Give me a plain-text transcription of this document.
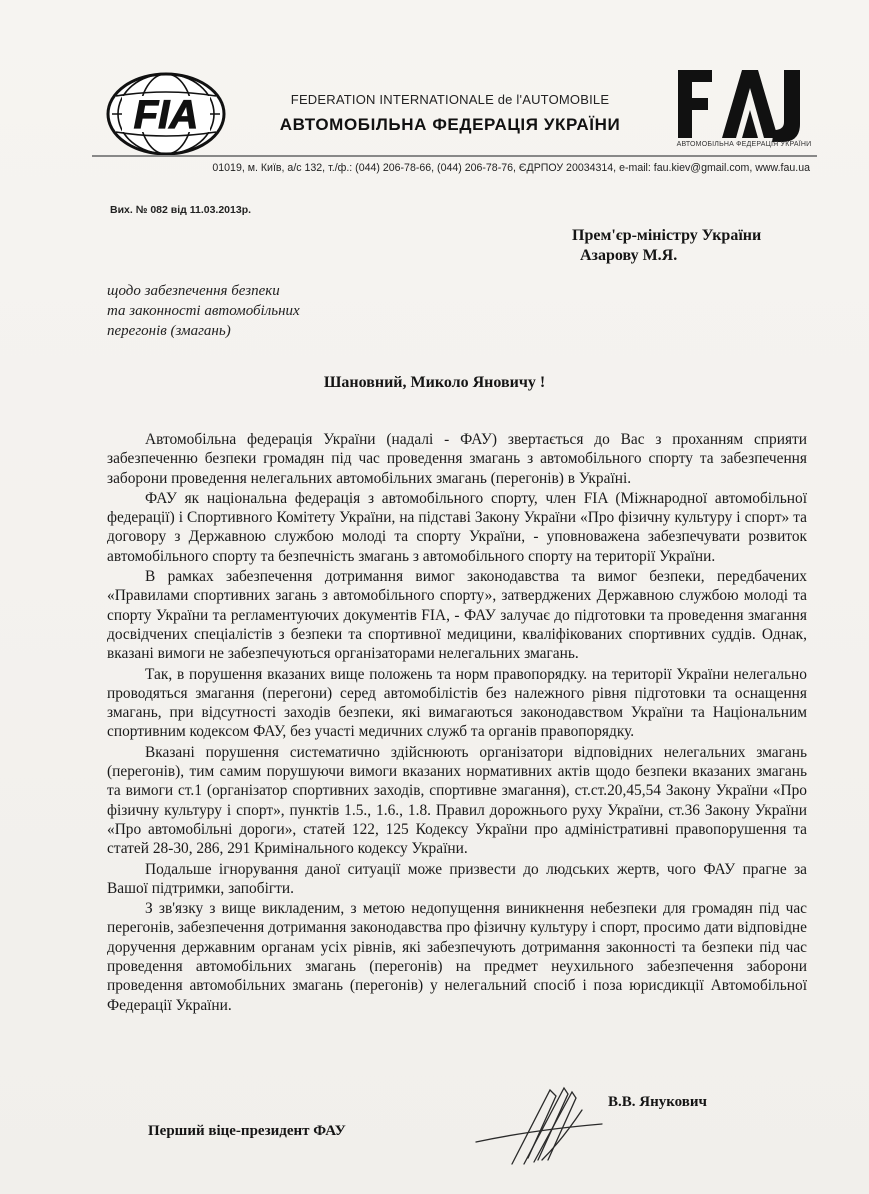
FIA
АВТОМОБІЛЬНА ФЕДЕРАЦІЯ УКРАЇНИ
FEDERATION INTERNATIONALE de l'AUTOMOBILE
АВТОМОБІЛЬНА ФЕДЕРАЦІЯ УКРАЇНИ
01019, м. Київ, а/с 132, т./ф.: (044) 206-78-66, (044) 206-78-76, ЄДРПОУ 20034314, e-mail: fau.kiev@gmail.com, www.fau.ua
Вих. № 082 від 11.03.2013р.
Прем'єр-міністру України
Азарову М.Я.
щодо забезпечення безпеки
та законності автомобільних
перегонів (змагань)
Шановний, Миколо Яновичу !

Автомобільна федерація України (надалі - ФАУ) звертається до Вас з проханням сприяти забезпеченню безпеки громадян під час проведення змагань з автомобільного спорту та забезпечення заборони проведення нелегальних автомобільних змагань (перегонів) в Україні.

ФАУ як національна федерація з автомобільного спорту, член FIA (Міжнародної автомобільної федерації) і Спортивного Комітету України, на підставі Закону України «Про фізичну культуру і спорт» та договору з Державною службою молоді та спорту України, - уповноважена забезпечувати розвиток автомобільного спорту та безпечність змагань з автомобільного спорту на території України.

В рамках забезпечення дотримання вимог законодавства та вимог безпеки, передбачених «Правилами спортивних загань з автомобільного спорту», затверджених Державною службою молоді та спорту України та регламентуючих документів FIA, - ФАУ залучає до підготовки та проведення змагання досвідчених спеціалістів з безпеки та спортивної медицини, кваліфікованих спортивних суддів. Однак, вказані вимоги не забезпечуються організаторами нелегальних змагань.

Так, в порушення вказаних вище положень та норм правопорядку. на території України нелегально проводяться змагання (перегони) серед автомобілістів без належного рівня підготовки та оснащення змагань, при відсутності заходів безпеки, які вимагаються законодавством України та Національним спортивним кодексом ФАУ, без участі медичних служб та органів правопорядку.

Вказані порушення систематично здійснюють організатори відповідних нелегальних змагань (перегонів), тим самим порушуючи вимоги вказаних нормативних актів щодо безпеки вказаних змагань та вимоги ст.1 (організатор спортивних заходів, спортивне змагання), ст.ст.20,45,54 Закону України «Про фізичну культуру і спорт», пунктів 1.5., 1.6., 1.8. Правил дорожнього руху України, ст.36 Закону України «Про автомобільні дороги», статей 122, 125 Кодексу України про адміністративні правопорушення та статей 28-30, 286, 291 Кримінального кодексу України.

Подальше ігнорування даної ситуації може призвести до людських жертв, чого ФАУ прагне за Вашої підтримки, запобігти.

З зв'язку з вище викладеним, з метою недопущення виникнення небезпеки для громадян під час перегонів, забезпечення дотримання законодавства про фізичну культуру і спорт, просимо дати відповідне доручення державним органам усіх рівнів, які забезпечують дотримання законності та безпеки під час проведення автомобільних змагань (перегонів) на предмет неухильного забезпечення заборони проведення автомобільних змагань (перегонів) у нелегальний спосіб і поза юрисдикції Автомобільної Федерації України.

Перший віце-президент ФАУ
В.В. Янукович
